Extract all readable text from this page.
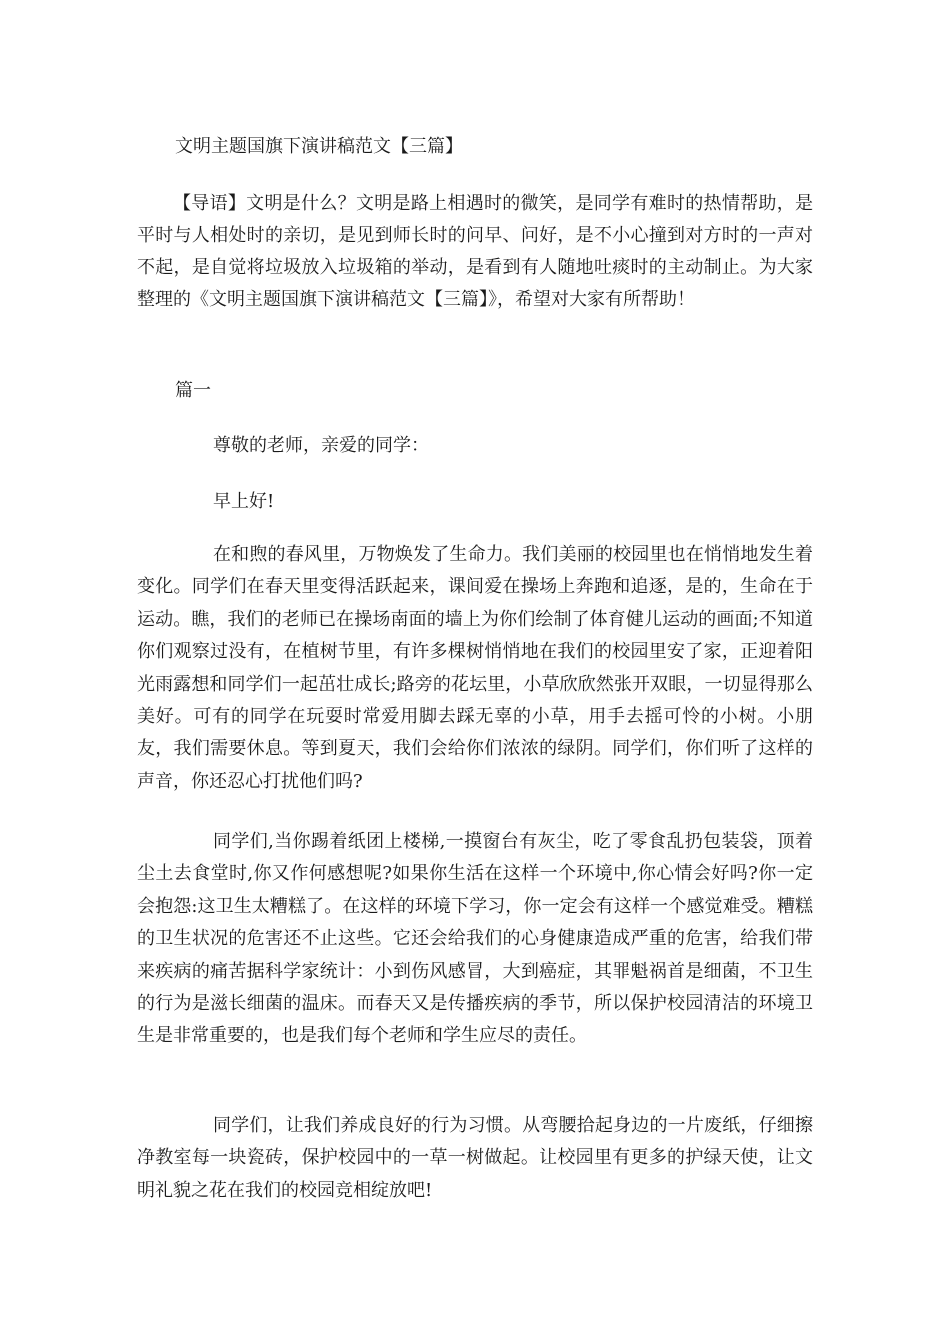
文明主题国旗下演讲稿范文【三篇】

【导语】文明是什么？文明是路上相遇时的微笑，是同学有难时的热情帮助，是平时与人相处时的亲切，是见到师长时的问早、问好，是不小心撞到对方时的一声对不起，是自觉将垃圾放入垃圾箱的举动，是看到有人随地吐痰时的主动制止。为大家整理的《文明主题国旗下演讲稿范文【三篇】》，希望对大家有所帮助！

篇一

尊敬的老师，亲爱的同学：

早上好!

在和煦的春风里，万物焕发了生命力。我们美丽的校园里也在悄悄地发生着变化。同学们在春天里变得活跃起来，课间爱在操场上奔跑和追逐，是的，生命在于运动。瞧，我们的老师已在操场南面的墙上为你们绘制了体育健儿运动的画面;不知道你们观察过没有，在植树节里，有许多棵树悄悄地在我们的校园里安了家，正迎着阳光雨露想和同学们一起茁壮成长;路旁的花坛里，小草欣欣然张开双眼，一切显得那么美好。可有的同学在玩耍时常爱用脚去踩无辜的小草，用手去摇可怜的小树。小朋友，我们需要休息。等到夏天，我们会给你们浓浓的绿阴。同学们，你们听了这样的声音，你还忍心打扰他们吗?

同学们,当你踢着纸团上楼梯,一摸窗台有灰尘，吃了零食乱扔包装袋，顶着尘土去食堂时,你又作何感想呢?如果你生活在这样一个环境中,你心情会好吗?你一定会抱怨:这卫生太糟糕了。在这样的环境下学习，你一定会有这样一个感觉难受。糟糕的卫生状况的危害还不止这些。它还会给我们的心身健康造成严重的危害，给我们带来疾病的痛苦据科学家统计：小到伤风感冒，大到癌症，其罪魁祸首是细菌，不卫生的行为是滋长细菌的温床。而春天又是传播疾病的季节，所以保护校园清洁的环境卫生是非常重要的，也是我们每个老师和学生应尽的责任。

同学们，让我们养成良好的行为习惯。从弯腰拾起身边的一片废纸，仔细擦净教室每一块瓷砖，保护校园中的一草一树做起。让校园里有更多的护绿天使，让文明礼貌之花在我们的校园竞相绽放吧!
